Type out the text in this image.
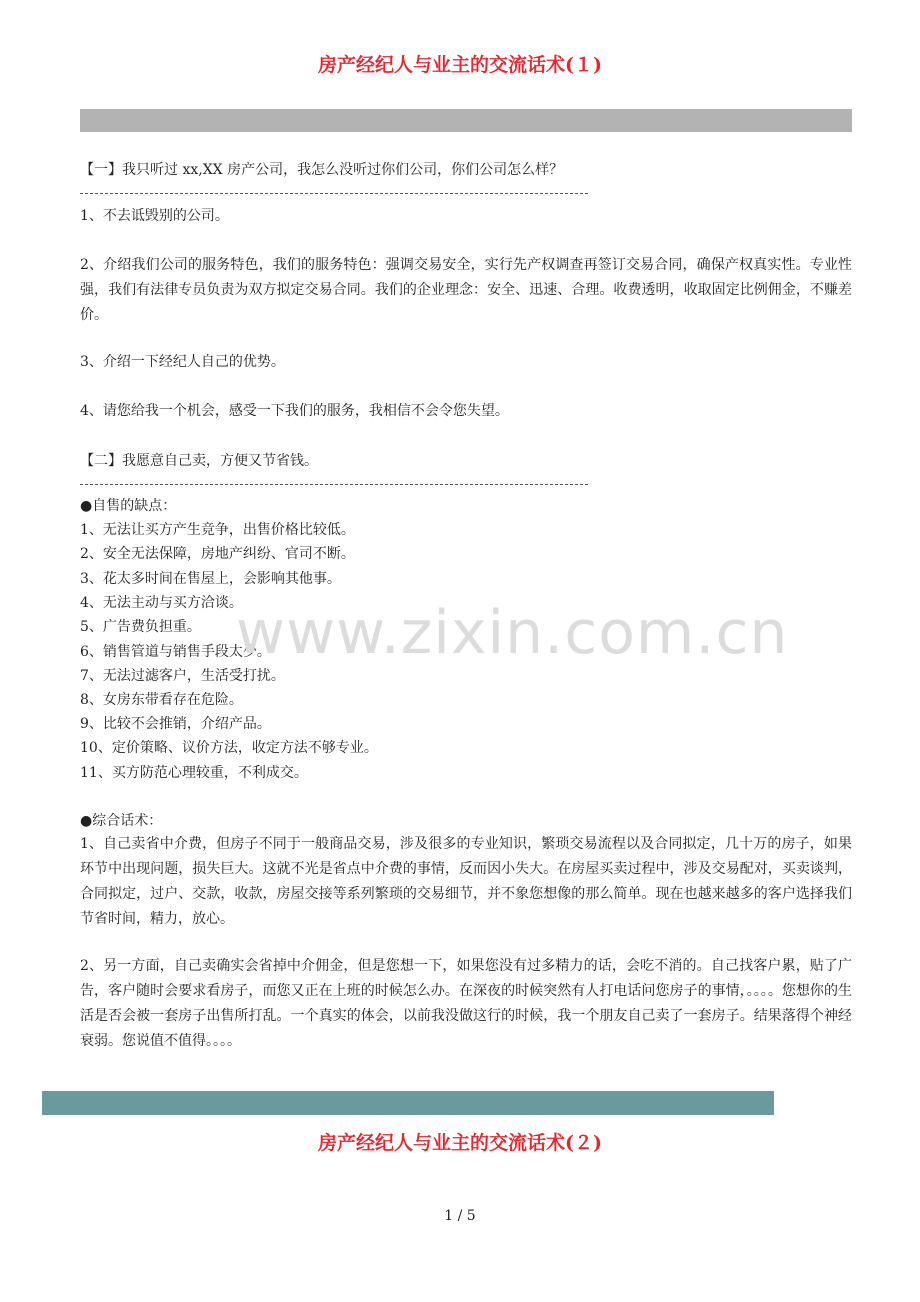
房产经纪人与业主的交流话术(１)
【一】我只听过 xx,XX 房产公司，我怎么没听过你们公司，你们公司怎么样？
1、不去诋毁别的公司。
2、介绍我们公司的服务特色，我们的服务特色：强调交易安全，实行先产权调查再签订交易合同，确保产权真实性。专业性强，我们有法律专员负责为双方拟定交易合同。我们的企业理念：安全、迅速、合理。收费透明，收取固定比例佣金，不赚差价。
3、介绍一下经纪人自己的优势。
4、请您给我一个机会，感受一下我们的服务，我相信不会令您失望。
【二】我愿意自己卖，方便又节省钱。
●自售的缺点：
1、无法让买方产生竞争，出售价格比较低。
2、安全无法保障，房地产纠纷、官司不断。
3、花太多时间在售屋上，会影响其他事。
4、无法主动与买方洽谈。
5、广告费负担重。
6、销售管道与销售手段太少。
7、无法过滤客户，生活受打扰。
8、女房东带看存在危险。
9、比较不会推销，介绍产品。
10、定价策略、议价方法，收定方法不够专业。
11、买方防范心理较重，不利成交。
●综合话术：
1、自己卖省中介费，但房子不同于一般商品交易，涉及很多的专业知识，繁琐交易流程以及合同拟定，几十万的房子，如果环节中出现问题，损失巨大。这就不光是省点中介费的事情，反而因小失大。在房屋买卖过程中，涉及交易配对，买卖谈判，合同拟定，过户、交款，收款，房屋交接等系列繁琐的交易细节，并不象您想像的那么简单。现在也越来越多的客户选择我们节省时间，精力，放心。
2、另一方面，自己卖确实会省掉中介佣金，但是您想一下，如果您没有过多精力的话，会吃不消的。自己找客户累，贴了广告，客户随时会要求看房子，而您又正在上班的时候怎么办。在深夜的时候突然有人打电话问您房子的事情，。。。。您想你的生活是否会被一套房子出售所打乱。一个真实的体会，以前我没做这行的时候，我一个朋友自己卖了一套房子。结果落得个神经衰弱。您说值不值得。。。。
www.zixin.com.cn
房产经纪人与业主的交流话术(２)
1 / 5
